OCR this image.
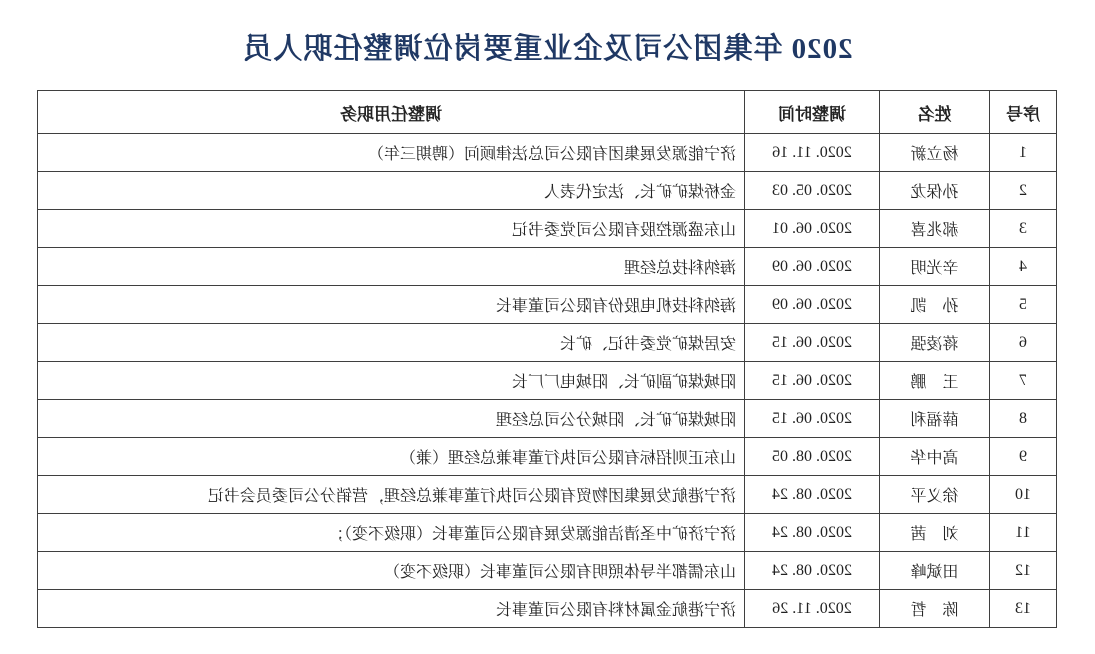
2020 年集团公司及企业重要岗位调整任职人员
序号	姓名	调整时间	调整任用职务
1	杨立新	2020. 11. 16	济宁能源发展集团有限公司总法律顾问（聘期三年）
2	孙保龙	2020. 05. 03	金桥煤矿矿长、法定代表人
3	郝兆喜	2020. 06. 01	山东盛源控股有限公司党委书记
4	辛光明	2020. 06. 09	海纳科技总经理
5	孙　凯	2020. 06. 09	海纳科技机电股份有限公司董事长
6	蒋凌强	2020. 06. 15	安居煤矿党委书记、矿长
7	王　鹏	2020. 06. 15	阳城煤矿副矿长、阳城电厂厂长
8	薛福利	2020. 06. 15	阳城煤矿矿长、阳城分公司总经理
9	高中华	2020. 08. 05	山东正则招标有限公司执行董事兼总经理（兼）
10	徐义平	2020. 08. 24	济宁港航发展集团物贸有限公司执行董事兼总经理，营销分公司委员会书记
11	刘　茜	2020. 08. 24	济宁济矿中圣清洁能源发展有限公司董事长（职级不变）；
12	田斌峰	2020. 08. 24	山东儒都半导体照明有限公司董事长（职级不变）
13	陈　哲	2020. 11. 26	济宁港航金属材料有限公司董事长
